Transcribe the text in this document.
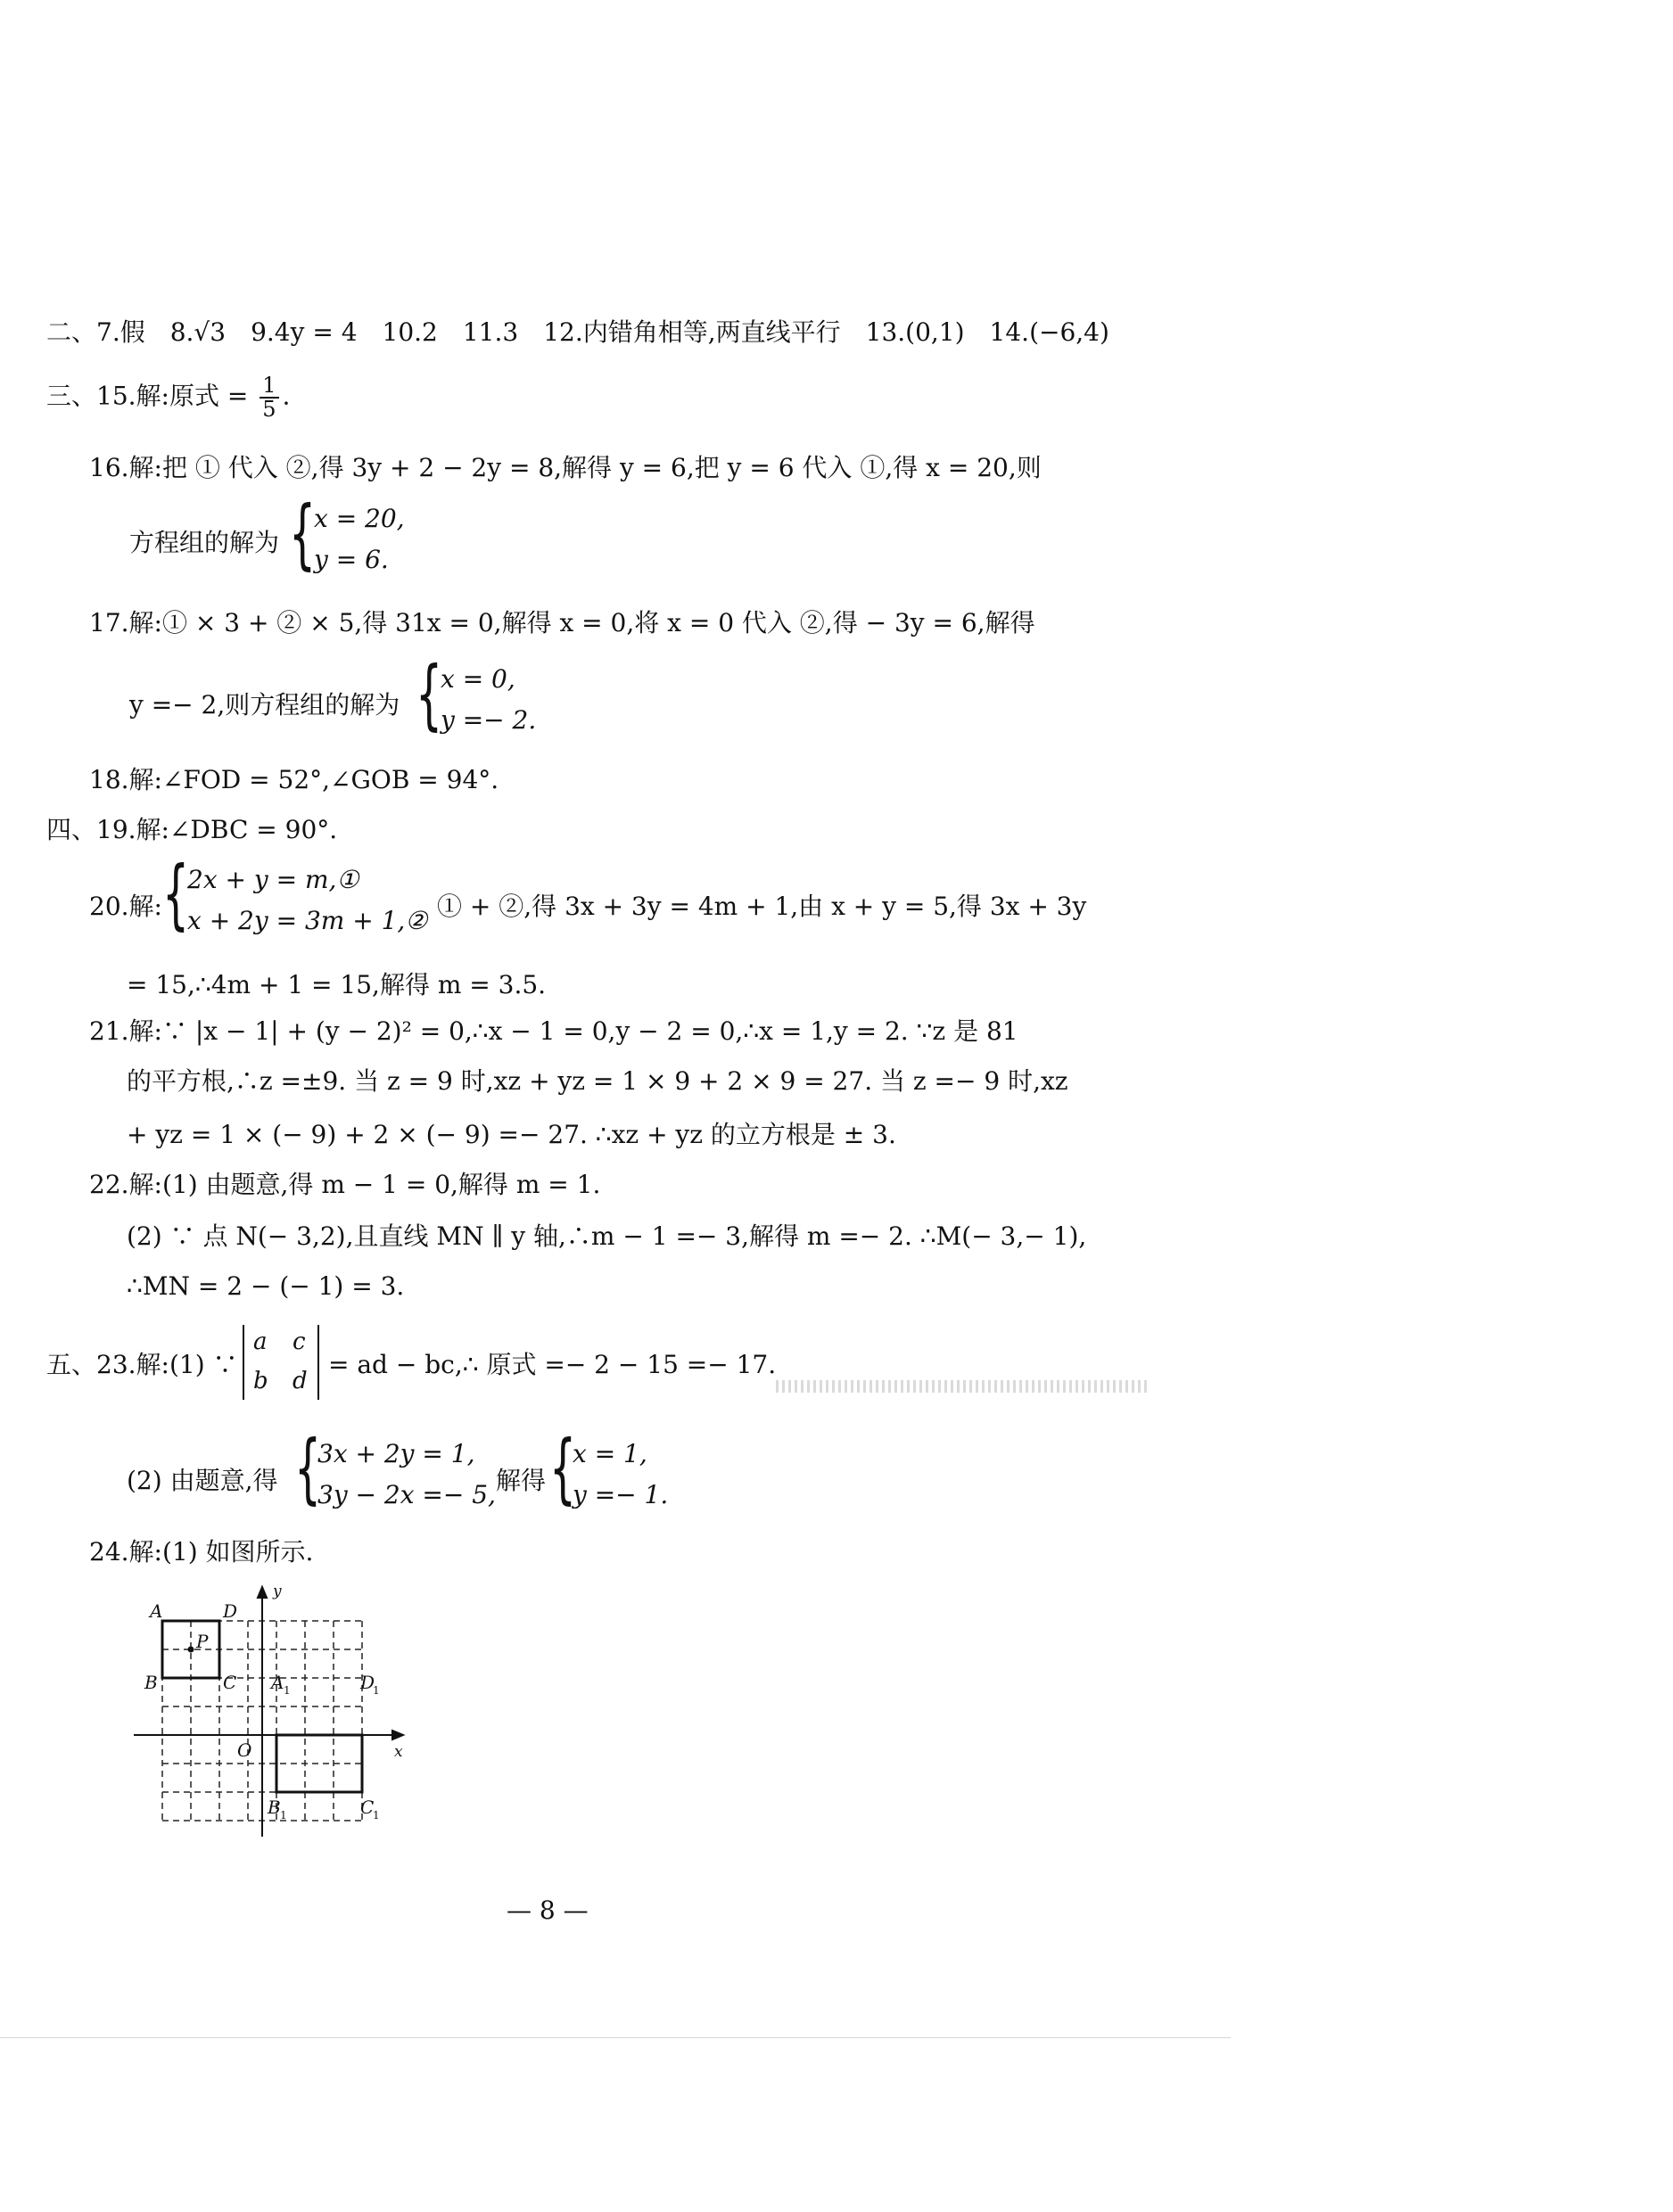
二、7.假　8.√3　9.4y = 4　10.2　11.3　12.内错角相等,两直线平行　13.(0,1)　14.(−6,4)
三、15.解:原式 = $\frac{1}{5}$ .
16.解:把 ① 代入 ②,得 3y + 2 − 2y = 8,解得 y = 6,把 y = 6 代入 ①,得 x = 20,则
方程组的解为 {
x = 20,
y = 6.
17.解:① × 3 + ② × 5,得 31x = 0,解得 x = 0,将 x = 0 代入 ②,得 − 3y = 6,解得
y =− 2,则方程组的解为 {
x = 0,
y =− 2.
18.解:∠FOD = 52°,∠GOB = 94°.
四、19.解:∠DBC = 90°.
20.解: {
2x + y = m,①
x + 2y = 3m + 1,② ① + ②,得 3x + 3y = 4m + 1,由 x + y = 5,得 3x + 3y
= 15,∴4m + 1 = 15,解得 m = 3.5.
21.解:∵ |x − 1| + (y − 2)² = 0,∴x − 1 = 0,y − 2 = 0,∴x = 1,y = 2. ∵z 是 81
的平方根,∴z =±9. 当 z = 9 时,xz + yz = 1 × 9 + 2 × 9 = 27. 当 z =− 9 时,xz
+ yz = 1 × (− 9) + 2 × (− 9) =− 27. ∴xz + yz 的立方根是 ± 3.
22.解:(1) 由题意,得 m − 1 = 0,解得 m = 1.
(2) ∵ 点 N(− 3,2),且直线 MN ∥ y 轴,∴m − 1 =− 3,解得 m =− 2. ∴M(− 3,− 1),
∴MN = 2 − (− 1) = 3.
五、23.解:(1) ∵
a c
b d
= ad − bc,∴ 原式 =− 2 − 15 =− 17.
(2) 由题意,得 {
3x + 2y = 1,
3y − 2x =− 5, 解得 {
x = 1,
y =− 1.
24.解:(1) 如图所示.
A	D
P
B	C A 1	D
1
O	x
y
B 1	C
1
— 8 —
